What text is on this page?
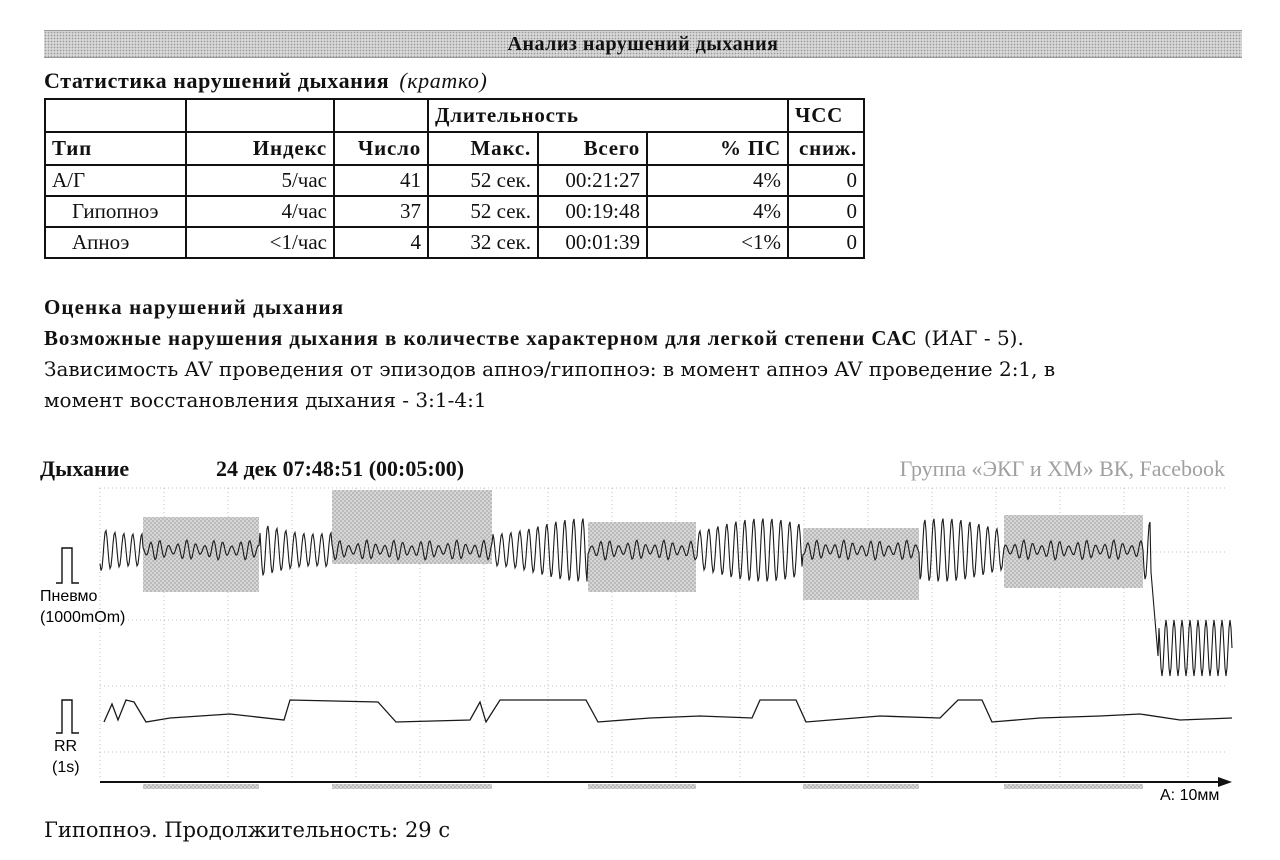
Анализ нарушений дыхания
Статистика нарушений дыхания (кратко)
			Длительность			ЧСС
Тип	Индекс	Число	Макс.	Всего	% ПС	сниж.
А/Г	5/час	41	52 сек.	00:21:27	4%	0
Гипопноэ	4/час	37	52 сек.	00:19:48	4%	0
Апноэ	<1/час	4	32 сек.	00:01:39	<1%	0
Оценка нарушений дыхания
Возможные нарушения дыхания в количестве характерном для легкой степени САС (ИАГ - 5).
Зависимость AV проведения от эпизодов апноэ/гипопноэ: в момент апноэ AV проведение 2:1, в
момент восстановления дыхания - 3:1-4:1
Дыхание	24 дек 07:48:51 (00:05:00)	Группа «ЭКГ и ХМ» ВК, Facebook
Пневмо
(1000mOm)
RR
(1s)
A: 10мм
Гипопноэ. Продолжительность: 29 с
